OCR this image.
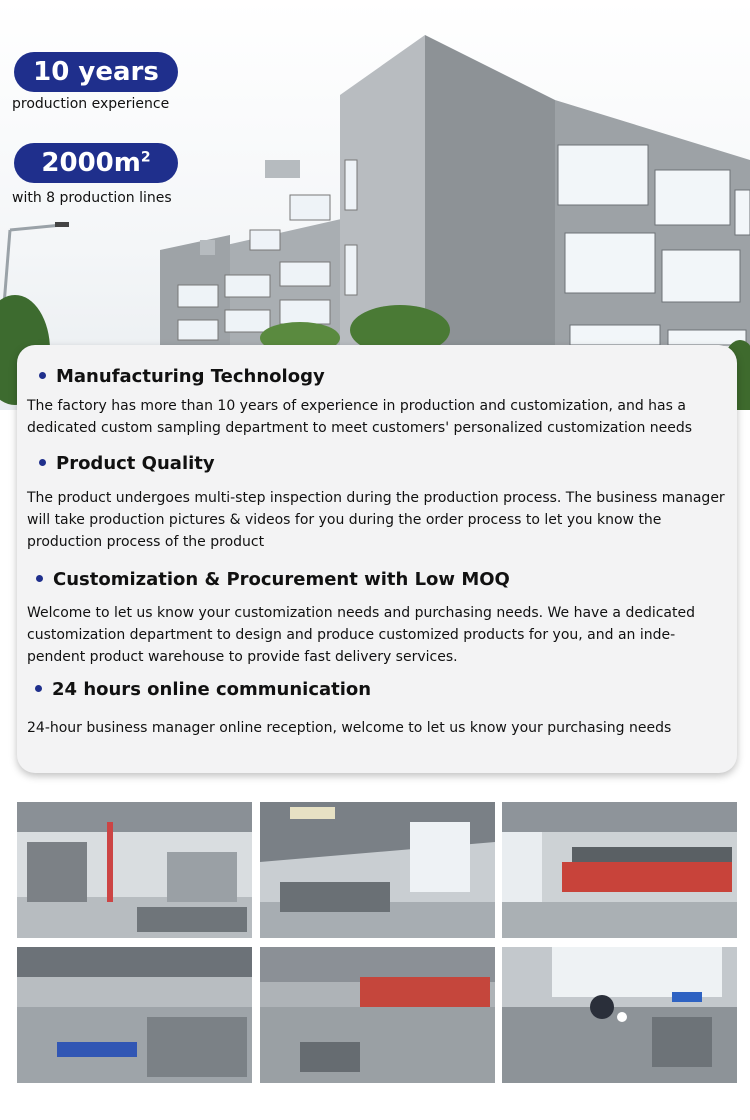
10 years
production experience
$2000m^2$
with 8 production lines
Manufacturing Technology
The factory has more than 10 years of experience in production and customization, and has a dedicated custom sampling department to meet customers' personalized customization needs
Product Quality
The product undergoes multi-step inspection during the production process. The business manager will take production pictures & videos for you during the order process to let you know the production process of the product
Customization & Procurement with Low MOQ
Welcome to let us know your customization needs and purchasing needs. We have a dedicated customization department to design and produce customized products for you, and an inde-pendent product warehouse to provide fast delivery services.
24 hours online communication
24-hour business manager online reception, welcome to let us know your purchasing needs
